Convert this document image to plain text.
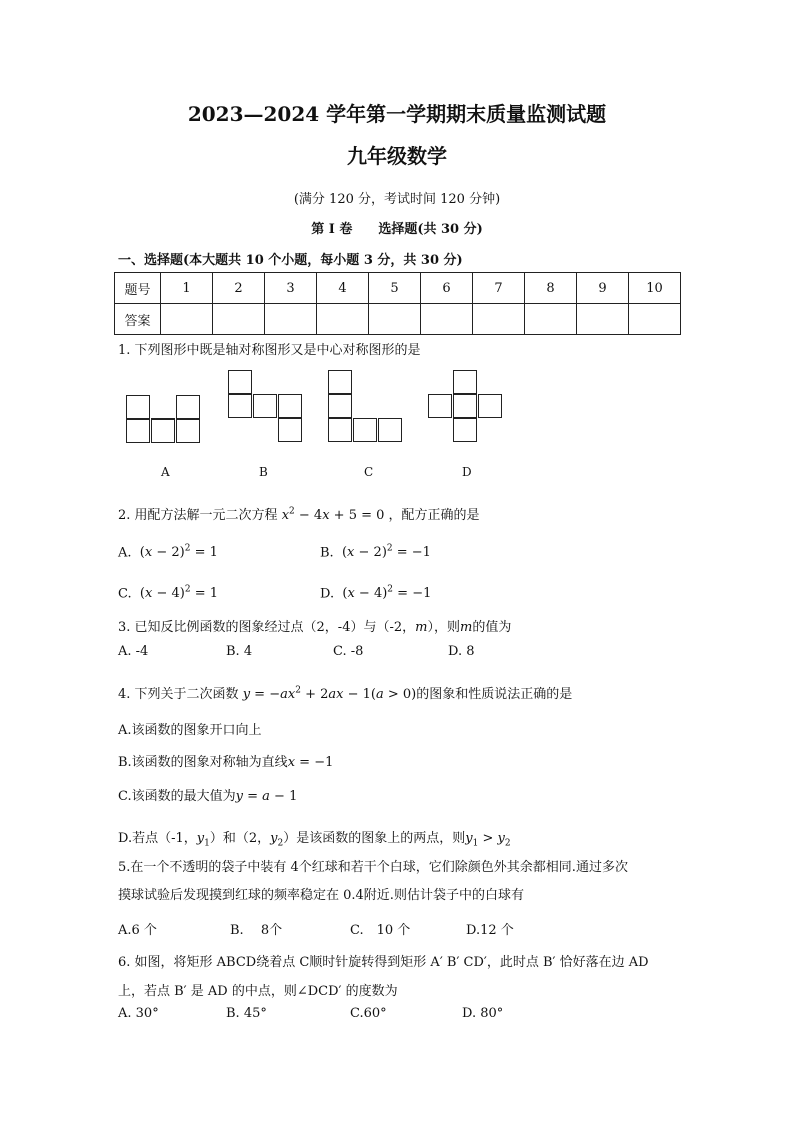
2023—2024 学年第一学期期末质量监测试题
九年级数学
(满分 120 分，考试时间 120 分钟)
第 I 卷　　选择题(共 30 分)
一、选择题(本大题共 10 个小题，每小题 3 分，共 30 分)
题号	1	2	3	4	5	6	7	8	9	10
答案										
1. 下列图形中既是轴对称图形又是中心对称图形的是
A	B	C	D
2. 用配方法解一元二次方程 $x^2 - 4x + 5 = 0$ ，配方正确的是
A.  $(x - 2)^2 = 1$	B.  $(x - 2)^2 = -1$
C.  $(x - 4)^2 = 1$	D.  $(x - 4)^2 = -1$
3. 已知反比例函数的图象经过点（2，-4）与（-2，m），则m的值为
A. -4	B. 4	C. -8	D. 8
4. 下列关于二次函数 $y = -ax^2 + 2ax - 1(a > 0)$的图象和性质说法正确的是
A.该函数的图象开口向上
B.该函数的图象对称轴为直线x = −1
C.该函数的最大值为y = a − 1
D.若点（-1，$y_1$）和（2，$y_2$）是该函数的图象上的两点，则$y_1 > y_2$
5.在一个不透明的袋子中装有 4个红球和若干个白球，它们除颜色外其余都相同.通过多次
摸球试验后发现摸到红球的频率稳定在 0.4附近.则估计袋子中的白球有
A.6 个	B.　 8个	C.　10 个	D.12 个
6. 如图，将矩形 ABCD绕着点 C顺时针旋转得到矩形 A′ B′ CD′，此时点 B′ 恰好落在边 AD
上，若点 B′ 是 AD 的中点，则∠DCD′ 的度数为
A. 30°	B. 45°	C.60°	D. 80°
